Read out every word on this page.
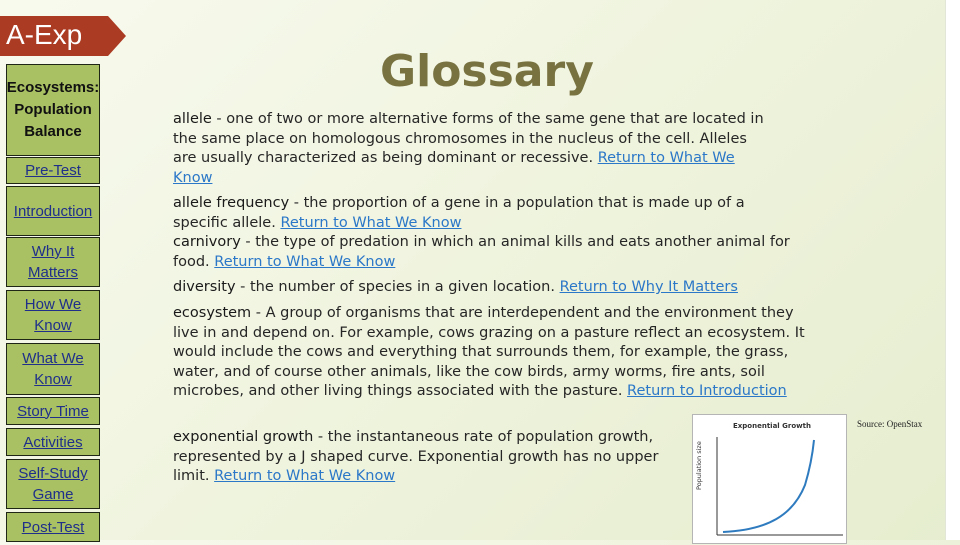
A-Exp
Ecosystems: Population Balance
Pre-Test
Introduction
Why It Matters
How We Know
What We Know
Story Time
Activities
Self-Study Game
Post-Test
Glossary
allele - one of two or more alternative forms of the same gene that are located in the same place on homologous chromosomes in the nucleus of the cell. Alleles are usually characterized as being dominant or recessive. Return to What We Know
allele frequency - the proportion of a gene in a population that is made up of a specific allele. Return to What We Know
carnivory - the type of predation in which an animal kills and eats another animal for food. Return to What We Know
diversity - the number of species in a given location. Return to Why It Matters
ecosystem - A group of organisms that are interdependent and the environment they live in and depend on. For example, cows grazing on a pasture reflect an ecosystem. It would include the cows and everything that surrounds them, for example, the grass, water, and of course other animals, like the cow birds, army worms, fire ants, soil microbes, and other living things associated with the pasture. Return to Introduction
exponential growth - the instantaneous rate of population growth, represented by a J shaped curve. Exponential growth has no upper limit. Return to What We Know
Exponential Growth
Population size
Source: OpenStax
